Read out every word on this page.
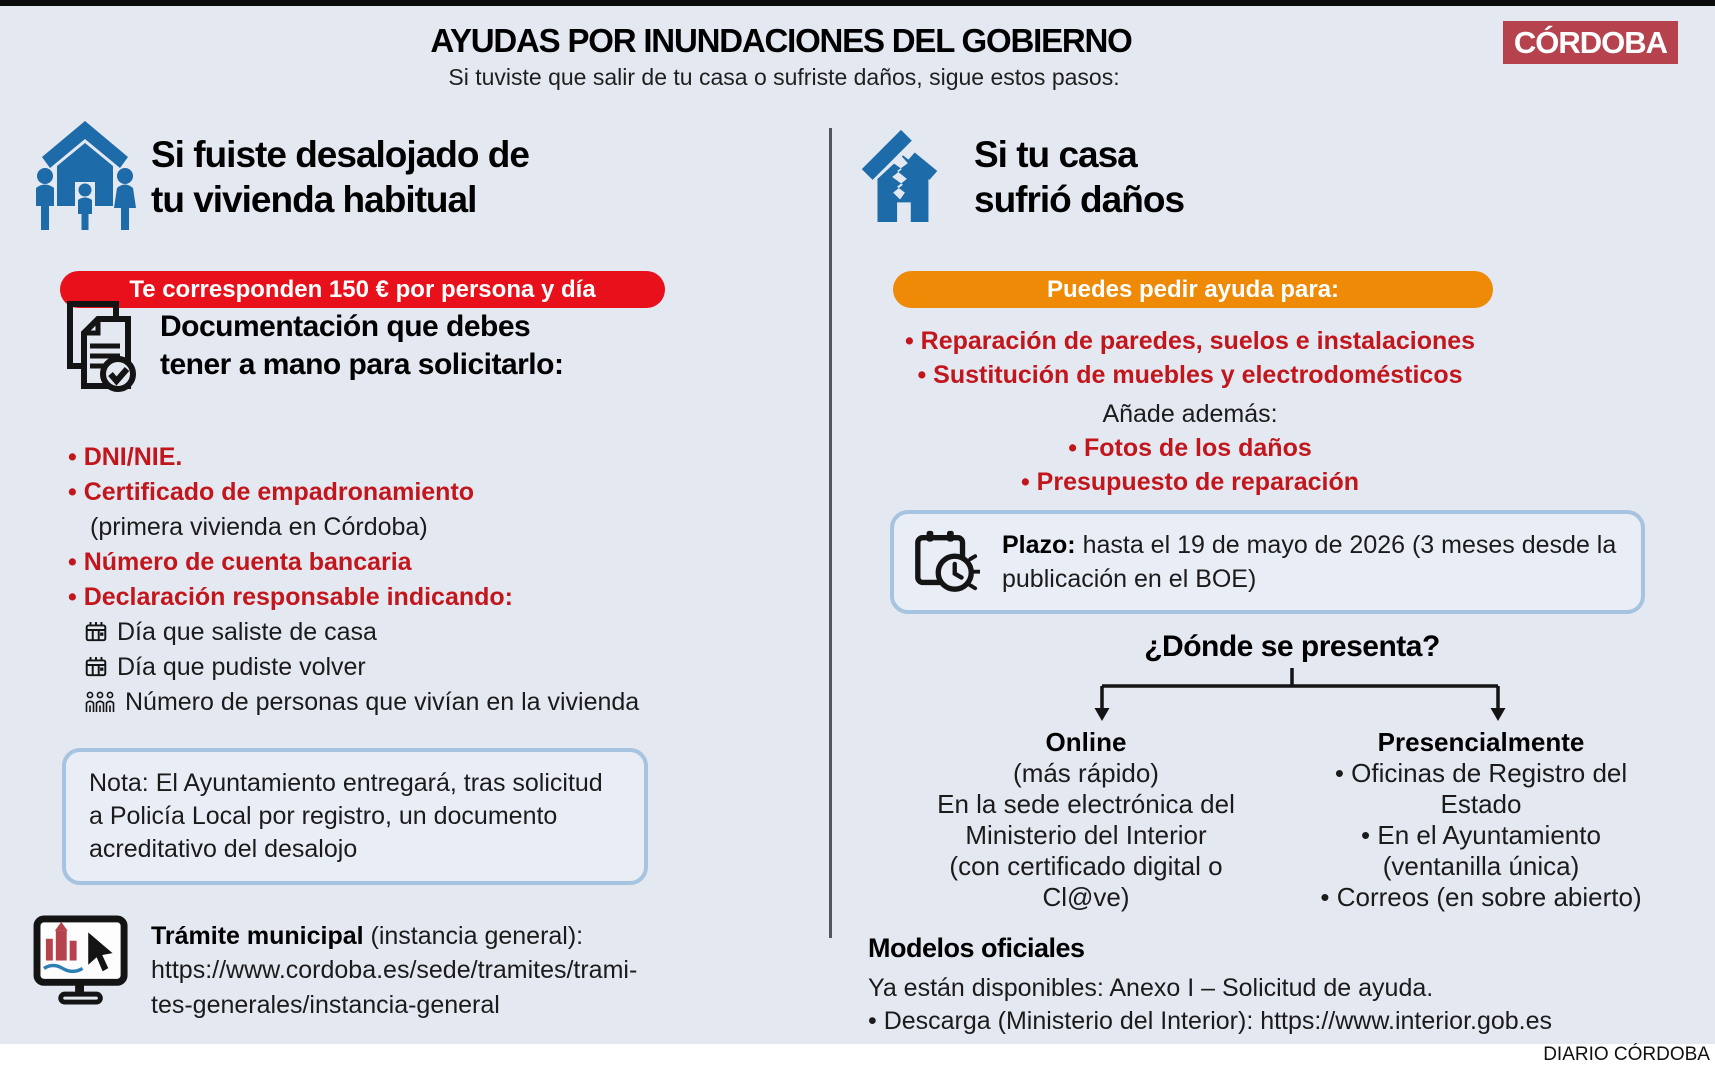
AYUDAS POR INUNDACIONES DEL GOBIERNO	CÓRDOBA
Si tuviste que salir de tu casa o sufriste daños, sigue estos pasos:
Si fuiste desalojado de
tu vivienda habitual
Te corresponden 150 € por persona y día
Documentación que debes
tener a mano para solicitarlo:
• DNI/NIE.
• Certificado de empadronamiento
(primera vivienda en Córdoba)
• Número de cuenta bancaria
• Declaración responsable indicando:
Día que saliste de casa
Día que pudiste volver
Número de personas que vivían en la vivienda
Nota: El Ayuntamiento entregará, tras solicitud a Policía Local por registro, un documento acreditativo del desalojo
Trámite municipal (instancia general):
https://www.cordoba.es/sede/tramites/trami-
tes-generales/instancia-general
Si tu casa
sufrió daños
Puedes pedir ayuda para:
• Reparación de paredes, suelos e instalaciones
• Sustitución de muebles y electrodomésticos
Añade además:
• Fotos de los daños
• Presupuesto de reparación
Plazo: hasta el 19 de mayo de 2026 (3 meses desde la publicación en el BOE)
¿Dónde se presenta?
Online
(más rápido)
En la sede electrónica del
Ministerio del Interior
(con certificado digital o
Cl@ve)
Presencialmente
• Oficinas de Registro del Estado
• En el Ayuntamiento (ventanilla única)
• Correos (en sobre abierto)
Modelos oficiales

Ya están disponibles: Anexo I – Solicitud de ayuda.

• Descarga (Ministerio del Interior): https://www.interior.gob.es

DIARIO CÓRDOBA
